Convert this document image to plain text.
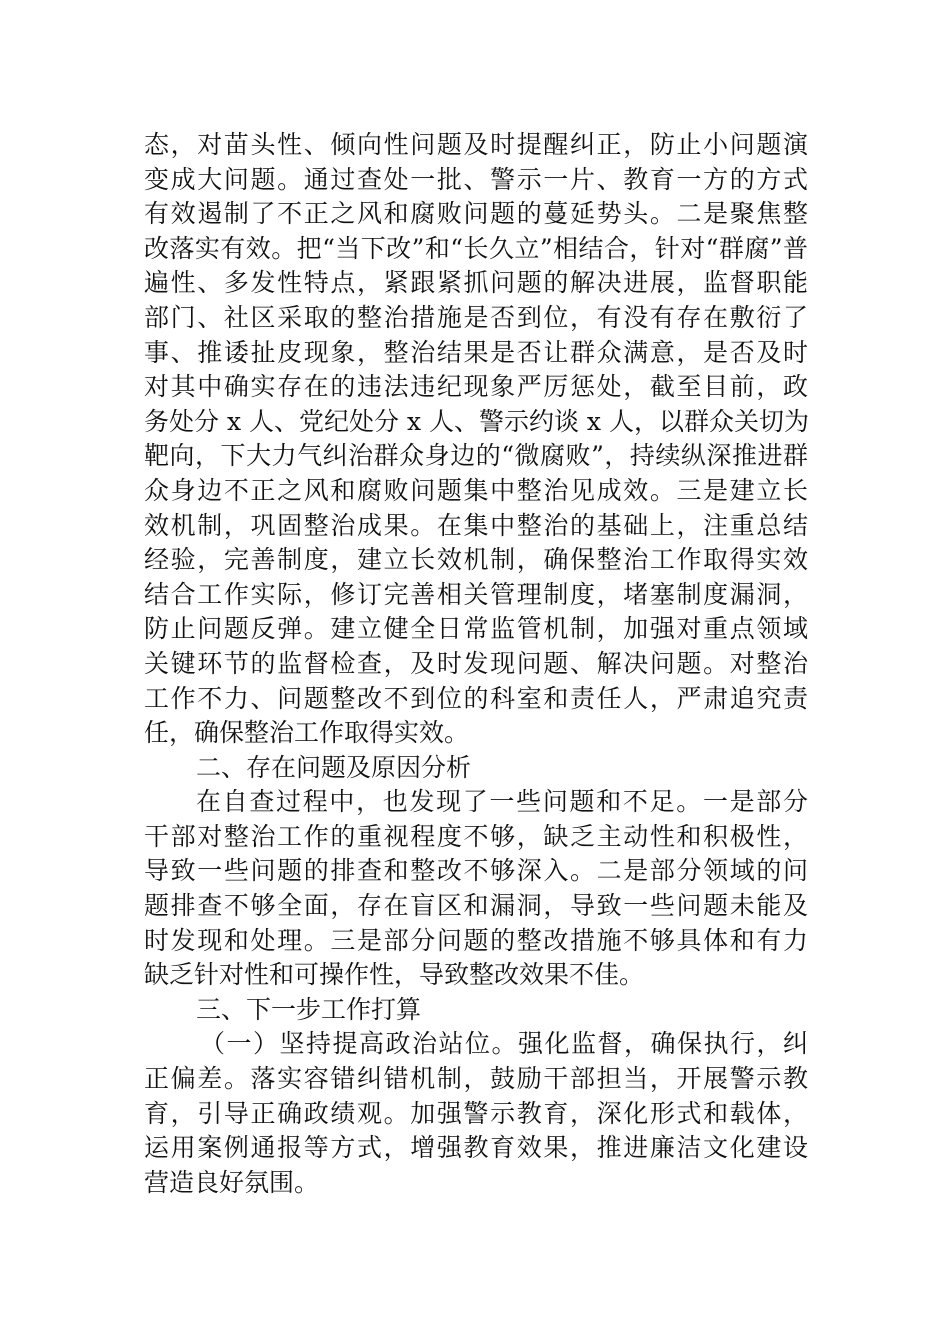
态，对苗头性、倾向性问题及时提醒纠正，防止小问题演
变成大问题。通过查处一批、警示一片、教育一方的方式
有效遏制了不正之风和腐败问题的蔓延势头。二是聚焦整
改落实有效。把“当下改”和“长久立”相结合，针对“群腐”普
遍性、多发性特点，紧跟紧抓问题的解决进展，监督职能
部门、社区采取的整治措施是否到位，有没有存在敷衍了
事、推诿扯皮现象，整治结果是否让群众满意，是否及时
对其中确实存在的违法违纪现象严厉惩处，截至目前，政
务处分 x 人、党纪处分 x 人、警示约谈 x 人，以群众关切为
靶向，下大力气纠治群众身边的“微腐败”，持续纵深推进群
众身边不正之风和腐败问题集中整治见成效。三是建立长
效机制，巩固整治成果。在集中整治的基础上，注重总结
经验，完善制度，建立长效机制，确保整治工作取得实效
结合工作实际，修订完善相关管理制度，堵塞制度漏洞，
防止问题反弹。建立健全日常监管机制，加强对重点领域
关键环节的监督检查，及时发现问题、解决问题。对整治
工作不力、问题整改不到位的科室和责任人，严肃追究责
任，确保整治工作取得实效。
二、存在问题及原因分析
在自查过程中，也发现了一些问题和不足。一是部分
干部对整治工作的重视程度不够，缺乏主动性和积极性，
导致一些问题的排查和整改不够深入。二是部分领域的问
题排查不够全面，存在盲区和漏洞，导致一些问题未能及
时发现和处理。三是部分问题的整改措施不够具体和有力
缺乏针对性和可操作性，导致整改效果不佳。
三、下一步工作打算
（一）坚持提高政治站位。强化监督，确保执行，纠
正偏差。落实容错纠错机制，鼓励干部担当，开展警示教
育，引导正确政绩观。加强警示教育，深化形式和载体，
运用案例通报等方式，增强教育效果，推进廉洁文化建设
营造良好氛围。
